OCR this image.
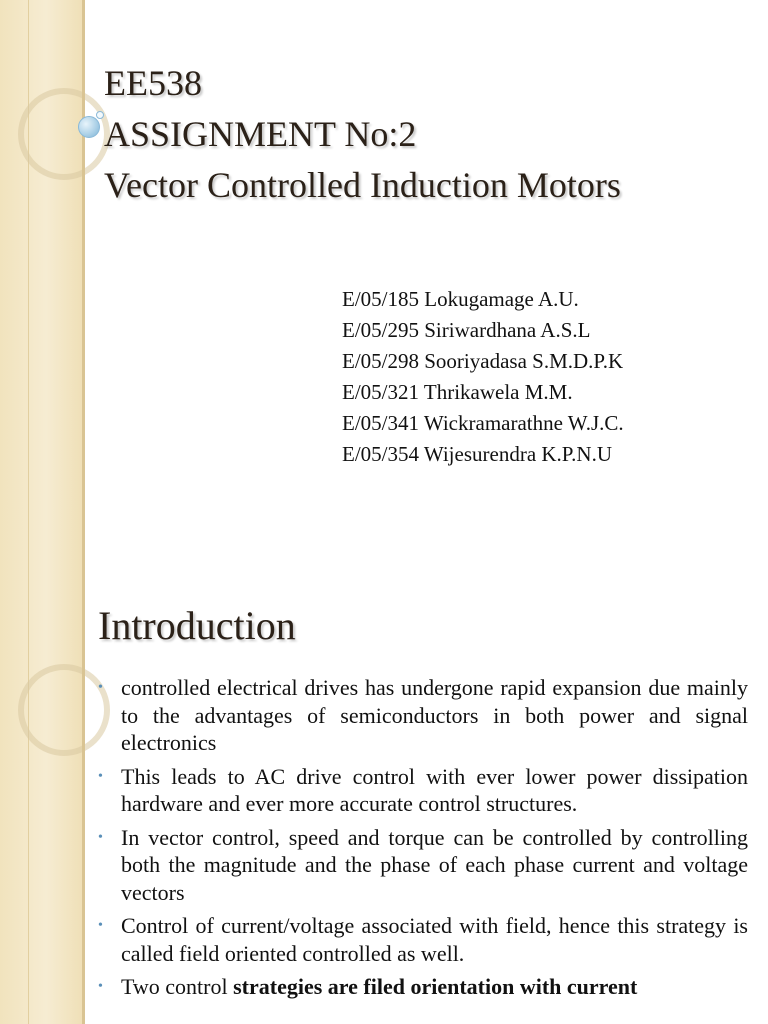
EE538
ASSIGNMENT No:2
Vector Controlled Induction Motors
E/05/185 Lokugamage A.U.
E/05/295 Siriwardhana A.S.L
E/05/298 Sooriyadasa S.M.D.P.K
E/05/321 Thrikawela M.M.
E/05/341 Wickramarathne W.J.C.
E/05/354 Wijesurendra K.P.N.U
Introduction
• controlled electrical drives has undergone rapid expansion due mainly to the advantages of semiconductors in both power and signal electronics
• This leads to AC drive control with ever lower power dissipation hardware and ever more accurate control structures.
• In vector control, speed and torque can be controlled by controlling both the magnitude and the phase of each phase current and voltage vectors
• Control of current/voltage associated with field, hence this strategy is called field oriented controlled as well.
• Two control strategies are filed orientation with current
